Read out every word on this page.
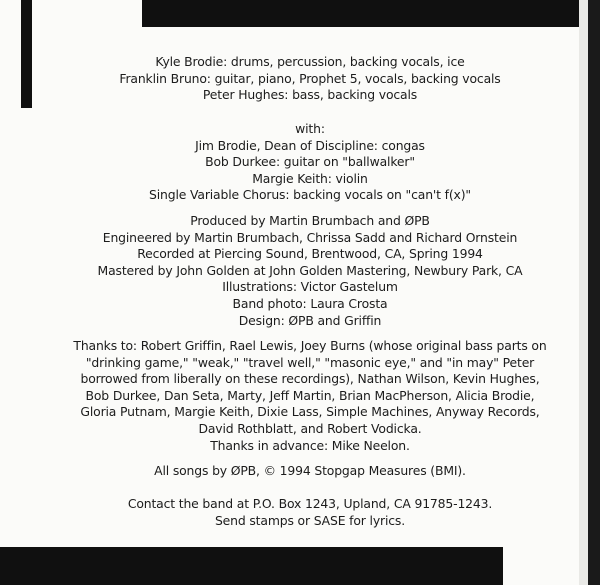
Kyle Brodie: drums, percussion, backing vocals, ice
Franklin Bruno: guitar, piano, Prophet 5, vocals, backing vocals
Peter Hughes: bass, backing vocals
with:
Jim Brodie, Dean of Discipline: congas
Bob Durkee: guitar on "ballwalker"
Margie Keith: violin
Single Variable Chorus: backing vocals on "can't f(x)"
Produced by Martin Brumbach and ØPB
Engineered by Martin Brumbach, Chrissa Sadd and Richard Ornstein
Recorded at Piercing Sound, Brentwood, CA, Spring 1994
Mastered by John Golden at John Golden Mastering, Newbury Park, CA
Illustrations: Victor Gastelum
Band photo: Laura Crosta
Design: ØPB and Griffin
Thanks to: Robert Griffin, Rael Lewis, Joey Burns (whose original bass parts on
"drinking game," "weak," "travel well," "masonic eye," and "in may" Peter
borrowed from liberally on these recordings), Nathan Wilson, Kevin Hughes,
Bob Durkee, Dan Seta, Marty, Jeff Martin, Brian MacPherson, Alicia Brodie,
Gloria Putnam, Margie Keith, Dixie Lass, Simple Machines, Anyway Records,
David Rothblatt, and Robert Vodicka.
Thanks in advance: Mike Neelon.
All songs by ØPB, © 1994 Stopgap Measures (BMI).
Contact the band at P.O. Box 1243, Upland, CA 91785-1243.
Send stamps or SASE for lyrics.
